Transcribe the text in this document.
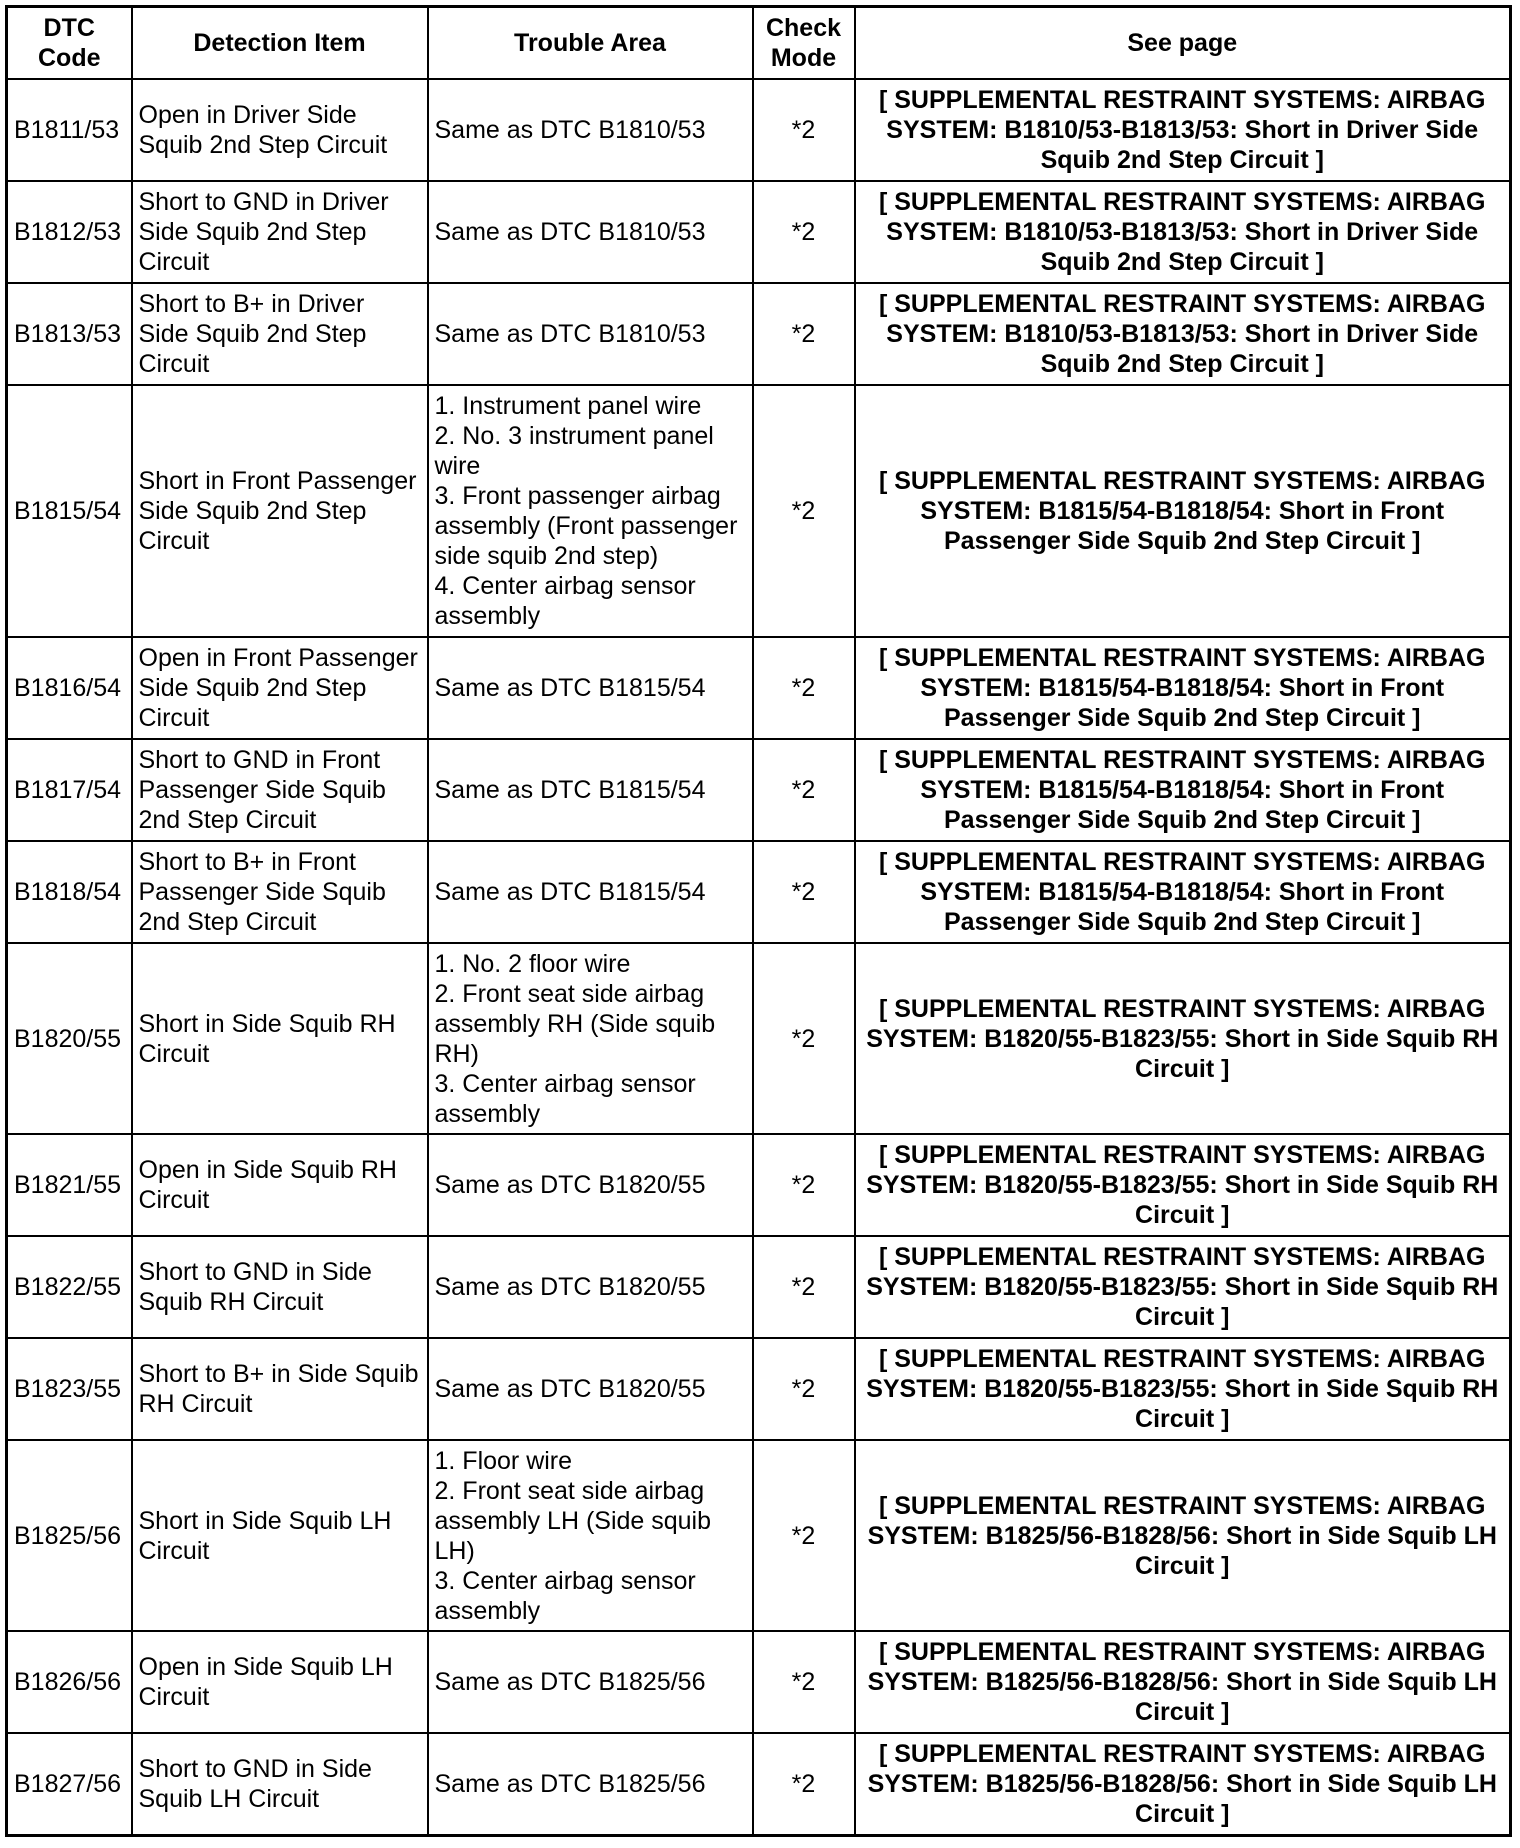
DTC Code	Detection Item	Trouble Area	Check Mode	See page
B1811/53	Open in Driver Side Squib 2nd Step Circuit	Same as DTC B1810/53	*2	[ SUPPLEMENTAL RESTRAINT SYSTEMS: AIRBAG SYSTEM: B1810/53-B1813/53: Short in Driver Side Squib 2nd Step Circuit ]
B1812/53	Short to GND in Driver Side Squib 2nd Step Circuit	Same as DTC B1810/53	*2	[ SUPPLEMENTAL RESTRAINT SYSTEMS: AIRBAG SYSTEM: B1810/53-B1813/53: Short in Driver Side Squib 2nd Step Circuit ]
B1813/53	Short to B+ in Driver Side Squib 2nd Step Circuit	Same as DTC B1810/53	*2	[ SUPPLEMENTAL RESTRAINT SYSTEMS: AIRBAG SYSTEM: B1810/53-B1813/53: Short in Driver Side Squib 2nd Step Circuit ]
B1815/54	Short in Front Passenger Side Squib 2nd Step Circuit	1. Instrument panel wire
2. No. 3 instrument panel wire
3. Front passenger airbag assembly (Front passenger side squib 2nd step)
4. Center airbag sensor assembly	*2	[ SUPPLEMENTAL RESTRAINT SYSTEMS: AIRBAG SYSTEM: B1815/54-B1818/54: Short in Front Passenger Side Squib 2nd Step Circuit ]
B1816/54	Open in Front Passenger Side Squib 2nd Step Circuit	Same as DTC B1815/54	*2	[ SUPPLEMENTAL RESTRAINT SYSTEMS: AIRBAG SYSTEM: B1815/54-B1818/54: Short in Front Passenger Side Squib 2nd Step Circuit ]
B1817/54	Short to GND in Front Passenger Side Squib 2nd Step Circuit	Same as DTC B1815/54	*2	[ SUPPLEMENTAL RESTRAINT SYSTEMS: AIRBAG SYSTEM: B1815/54-B1818/54: Short in Front Passenger Side Squib 2nd Step Circuit ]
B1818/54	Short to B+ in Front Passenger Side Squib 2nd Step Circuit	Same as DTC B1815/54	*2	[ SUPPLEMENTAL RESTRAINT SYSTEMS: AIRBAG SYSTEM: B1815/54-B1818/54: Short in Front Passenger Side Squib 2nd Step Circuit ]
B1820/55	Short in Side Squib RH Circuit	1. No. 2 floor wire
2. Front seat side airbag assembly RH (Side squib RH)
3. Center airbag sensor assembly	*2	[ SUPPLEMENTAL RESTRAINT SYSTEMS: AIRBAG SYSTEM: B1820/55-B1823/55: Short in Side Squib RH Circuit ]
B1821/55	Open in Side Squib RH Circuit	Same as DTC B1820/55	*2	[ SUPPLEMENTAL RESTRAINT SYSTEMS: AIRBAG SYSTEM: B1820/55-B1823/55: Short in Side Squib RH Circuit ]
B1822/55	Short to GND in Side Squib RH Circuit	Same as DTC B1820/55	*2	[ SUPPLEMENTAL RESTRAINT SYSTEMS: AIRBAG SYSTEM: B1820/55-B1823/55: Short in Side Squib RH Circuit ]
B1823/55	Short to B+ in Side Squib RH Circuit	Same as DTC B1820/55	*2	[ SUPPLEMENTAL RESTRAINT SYSTEMS: AIRBAG SYSTEM: B1820/55-B1823/55: Short in Side Squib RH Circuit ]
B1825/56	Short in Side Squib LH Circuit	1. Floor wire
2. Front seat side airbag assembly LH (Side squib LH)
3. Center airbag sensor assembly	*2	[ SUPPLEMENTAL RESTRAINT SYSTEMS: AIRBAG SYSTEM: B1825/56-B1828/56: Short in Side Squib LH Circuit ]
B1826/56	Open in Side Squib LH Circuit	Same as DTC B1825/56	*2	[ SUPPLEMENTAL RESTRAINT SYSTEMS: AIRBAG SYSTEM: B1825/56-B1828/56: Short in Side Squib LH Circuit ]
B1827/56	Short to GND in Side Squib LH Circuit	Same as DTC B1825/56	*2	[ SUPPLEMENTAL RESTRAINT SYSTEMS: AIRBAG SYSTEM: B1825/56-B1828/56: Short in Side Squib LH Circuit ]
